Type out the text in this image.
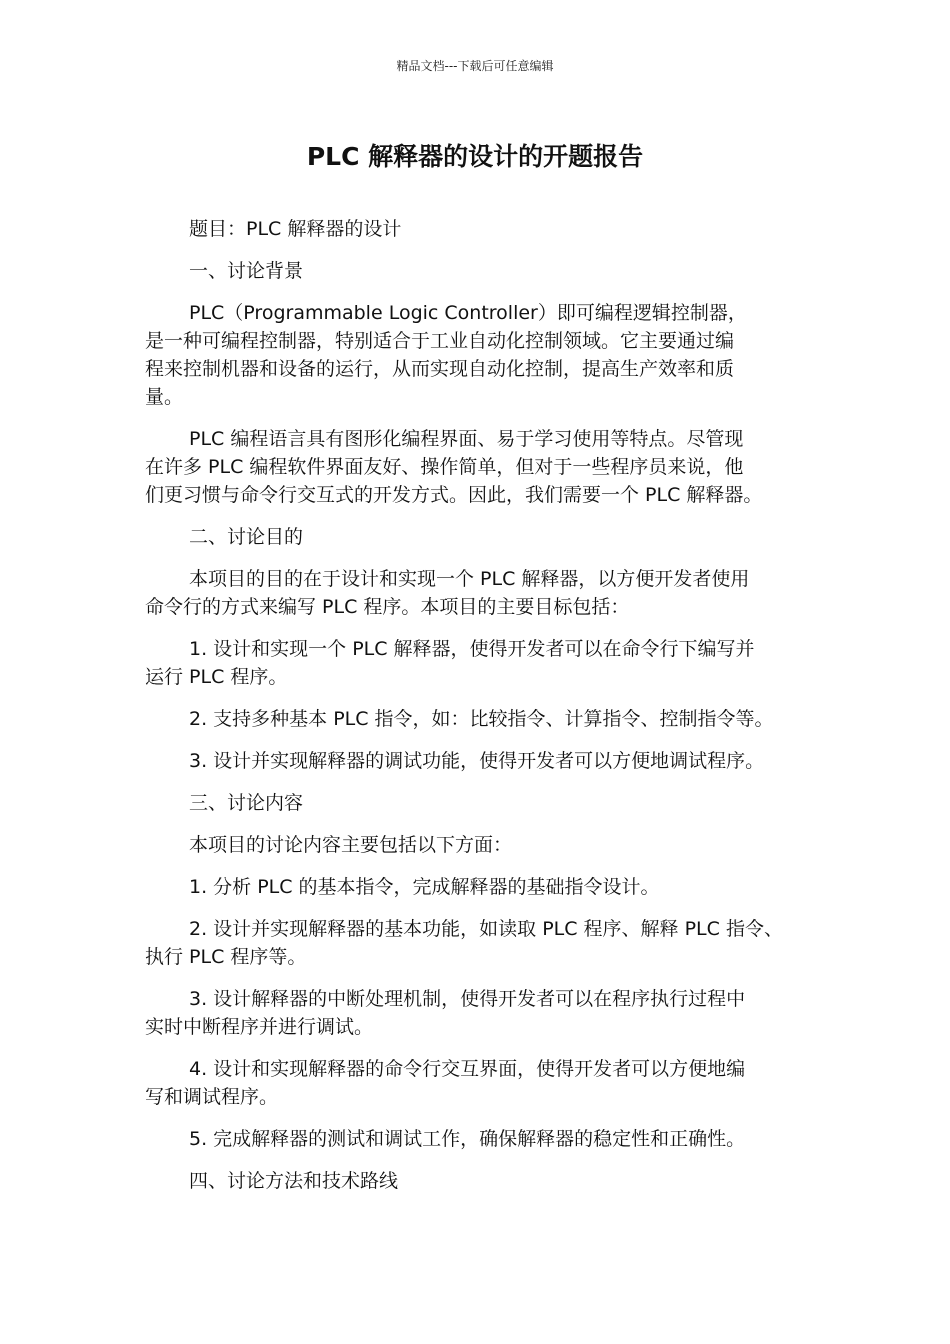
精品文档---下载后可任意编辑
PLC 解释器的设计的开题报告

题目：PLC 解释器的设计

一、讨论背景

PLC（Programmable Logic Controller）即可编程逻辑控制器，
是一种可编程控制器，特别适合于工业自动化控制领域。它主要通过编
程来控制机器和设备的运行，从而实现自动化控制，提高生产效率和质
量。

PLC 编程语言具有图形化编程界面、易于学习使用等特点。尽管现
在许多 PLC 编程软件界面友好、操作简单，但对于一些程序员来说，他
们更习惯与命令行交互式的开发方式。因此，我们需要一个 PLC 解释器。

二、讨论目的

本项目的目的在于设计和实现一个 PLC 解释器，以方便开发者使用
命令行的方式来编写 PLC 程序。本项目的主要目标包括：

1. 设计和实现一个 PLC 解释器，使得开发者可以在命令行下编写并
运行 PLC 程序。

2. 支持多种基本 PLC 指令，如：比较指令、计算指令、控制指令等。

3. 设计并实现解释器的调试功能，使得开发者可以方便地调试程序。

三、讨论内容

本项目的讨论内容主要包括以下方面：

1. 分析 PLC 的基本指令，完成解释器的基础指令设计。

2. 设计并实现解释器的基本功能，如读取 PLC 程序、解释 PLC 指令、
执行 PLC 程序等。

3. 设计解释器的中断处理机制，使得开发者可以在程序执行过程中
实时中断程序并进行调试。

4. 设计和实现解释器的命令行交互界面，使得开发者可以方便地编
写和调试程序。

5. 完成解释器的测试和调试工作，确保解释器的稳定性和正确性。

四、讨论方法和技术路线
